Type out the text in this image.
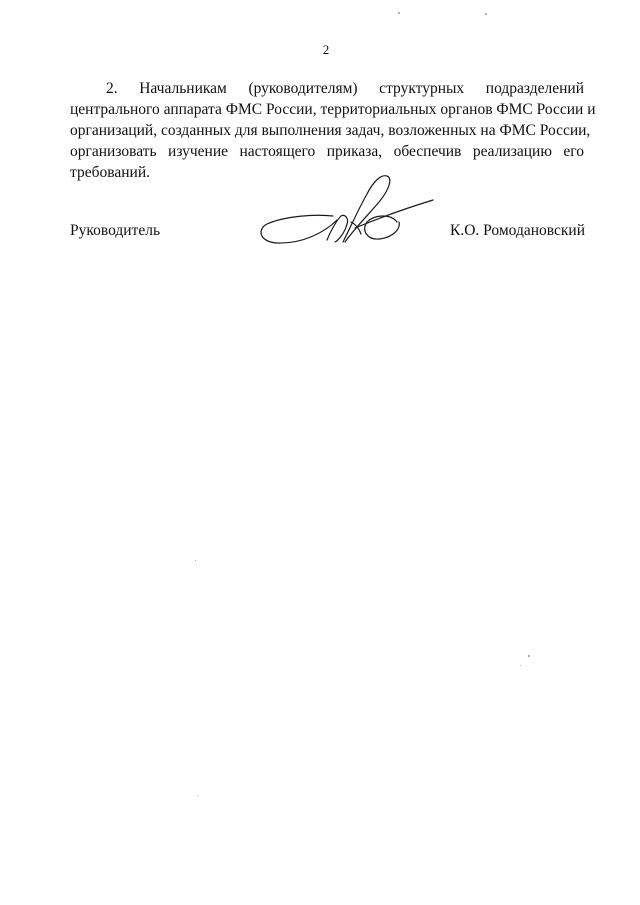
2

2. Начальникам (руководителям) структурных подразделений
центрального аппарата ФМС России, территориальных органов ФМС России и
организаций, созданных для выполнения задач, возложенных на ФМС России,
организовать изучение настоящего приказа, обеспечив реализацию его
требований.

Руководитель	К.О. Ромодановский
